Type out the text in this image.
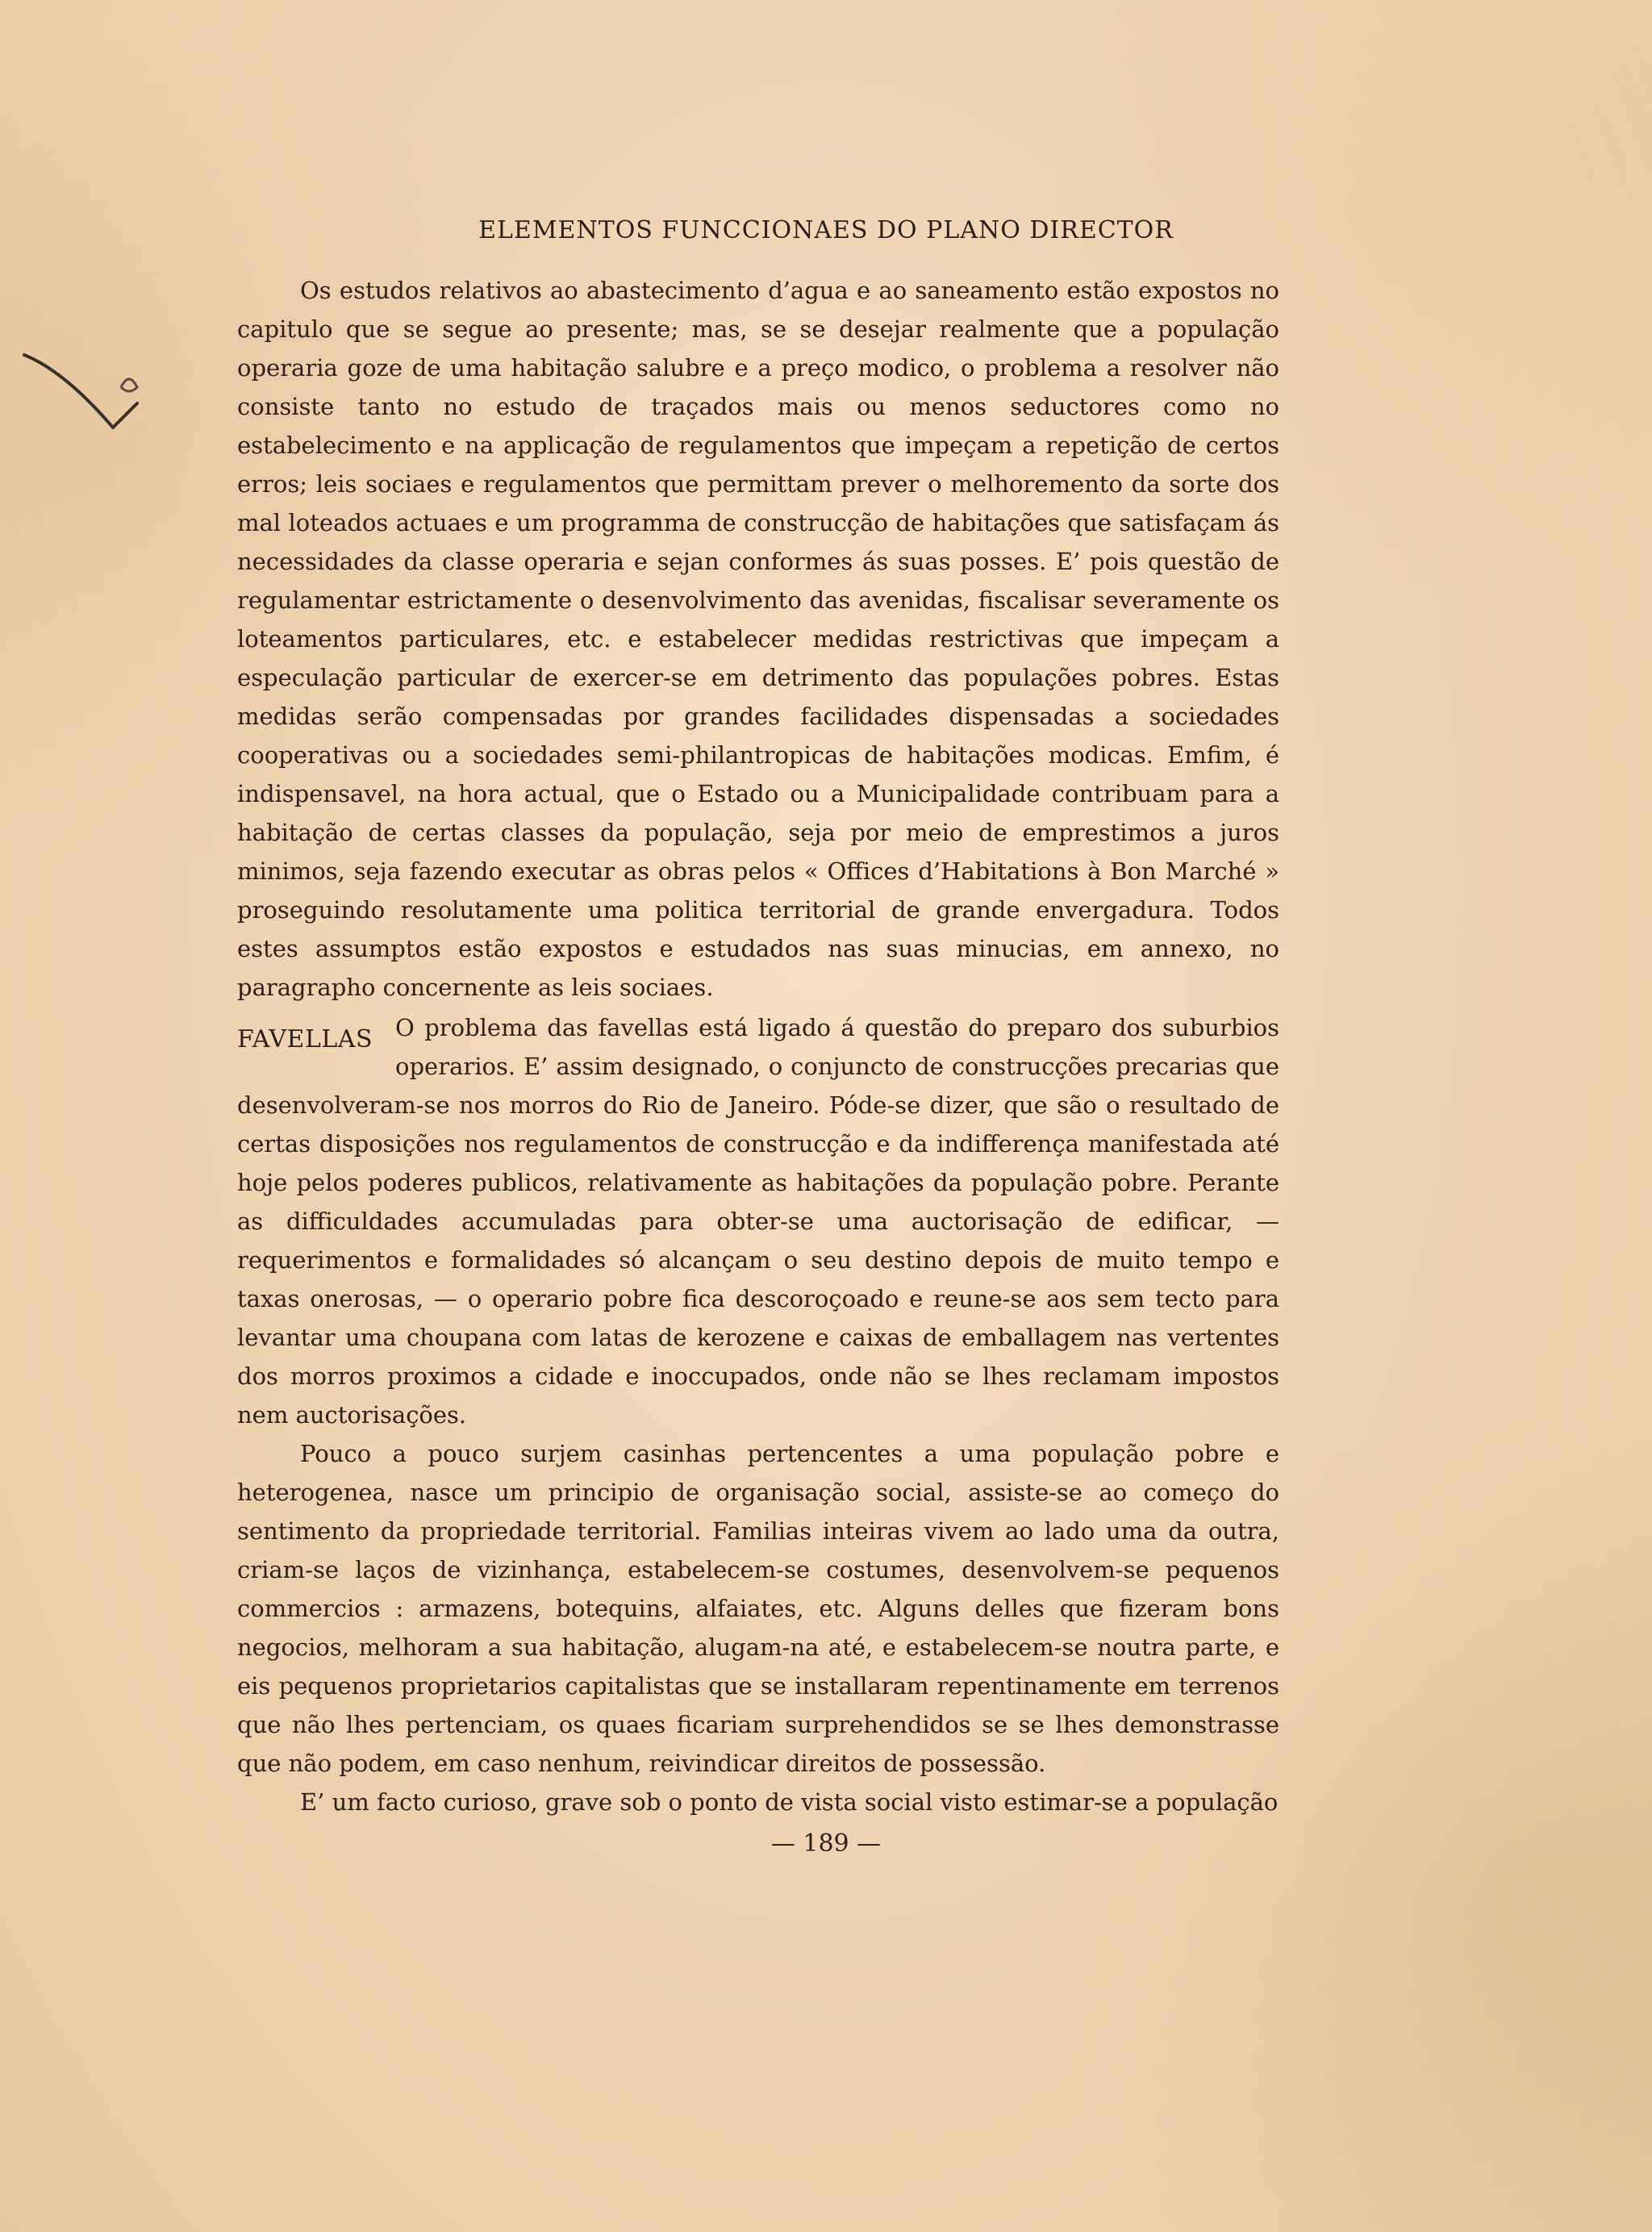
ELEMENTOS FUNCCIONAES DO PLANO DIRECTOR

Os estudos relativos ao abastecimento d’agua e ao saneamento estão expostos no capitulo que se segue ao presente; mas, se se desejar realmente que a população operaria goze de uma habitação salubre e a preço modico, o problema a resolver não consiste tanto no estudo de traçados mais ou menos seductores como no estabelecimento e na applicação de regulamentos que impeçam a repetição de certos erros; leis sociaes e regulamentos que permittam prever o melhoremento da sorte dos mal loteados actuaes e um programma de construcção de habitações que satisfaçam ás necessidades da classe operaria e sejan conformes ás suas posses. E’ pois questão de regulamentar estrictamente o desenvolvimento das avenidas, fiscalisar severamente os loteamentos particulares, etc. e estabelecer medidas restrictivas que impeçam a especulação particular de exercer-se em detrimento das populações pobres. Estas medidas serão compensadas por grandes facilidades dispensadas a sociedades cooperativas ou a sociedades semi-philantropicas de habitações modicas. Emfim, é indispensavel, na hora actual, que o Estado ou a Municipalidade contribuam para a habitação de certas classes da população, seja por meio de emprestimos a juros minimos, seja fazendo executar as obras pelos « Offices d’Habitations à Bon Marché » proseguindo resolutamente uma politica territorial de grande envergadura. Todos estes assumptos estão expostos e estudados nas suas minucias, em annexo, no paragrapho concernente as leis sociaes.

FAVELLAS O problema das favellas está ligado á questão do preparo dos suburbios operarios. E’ assim designado, o conjuncto de construcções precarias que desenvolveram-se nos morros do Rio de Janeiro. Póde-se dizer, que são o resultado de certas disposições nos regulamentos de construcção e da indifferença manifestada até hoje pelos poderes publicos, relativamente as habitações da população pobre. Perante as difficuldades accumuladas para obter-se uma auctorisação de edificar, — requerimentos e formalidades só alcançam o seu destino depois de muito tempo e taxas onerosas, — o operario pobre fica descoroçoado e reune-se aos sem tecto para levantar uma choupana com latas de kerozene e caixas de emballagem nas vertentes dos morros proximos a cidade e inoccupados, onde não se lhes reclamam impostos nem auctorisações.

Pouco a pouco surjem casinhas pertencentes a uma população pobre e heterogenea, nasce um principio de organisação social, assiste-se ao começo do sentimento da propriedade territorial. Familias inteiras vivem ao lado uma da outra, criam-se laços de vizinhança, estabelecem-se costumes, desenvolvem-se pequenos commercios : armazens, botequins, alfaiates, etc. Alguns delles que fizeram bons negocios, melhoram a sua habitação, alugam-na até, e estabelecem-se noutra parte, e eis pequenos proprietarios capitalistas que se installaram repentinamente em terrenos que não lhes pertenciam, os quaes ficariam surprehendidos se se lhes demonstrasse que não podem, em caso nenhum, reivindicar direitos de possessão.

E’ um facto curioso, grave sob o ponto de vista social visto estimar-se a população

— 189 —
